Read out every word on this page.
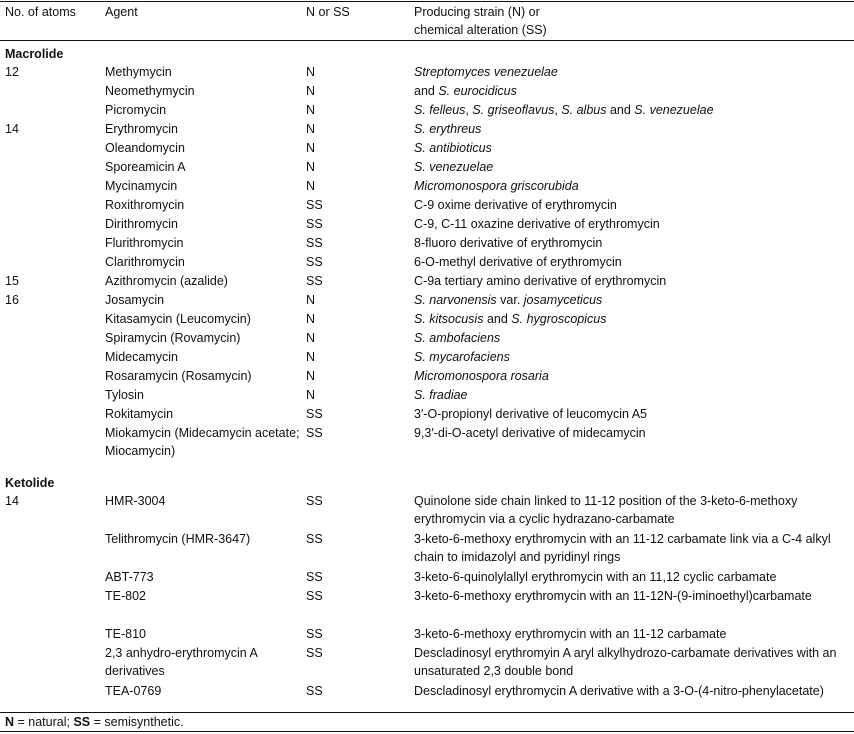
No. of atoms	Agent	N or SS	Producing strain (N) or
chemical alteration (SS)
Macrolide			
12	Methymycin	N	Streptomyces venezuelae
	Neomethymycin	N	and S. eurocidicus
	Picromycin	N	S. felleus, S. griseoflavus, S. albus and S. venezuelae
14	Erythromycin	N	S. erythreus
	Oleandomycin	N	S. antibioticus
	Sporeamicin A	N	S. venezuelae
	Mycinamycin	N	Micromonospora griscorubida
	Roxithromycin	SS	C-9 oxime derivative of erythromycin
	Dirithromycin	SS	C-9, C-11 oxazine derivative of erythromycin
	Flurithromycin	SS	8-fluoro derivative of erythromycin
	Clarithromycin	SS	6-O-methyl derivative of erythromycin
15	Azithromycin (azalide)	SS	C-9a tertiary amino derivative of erythromycin
16	Josamycin	N	S. narvonensis var. josamyceticus
	Kitasamycin (Leucomycin)	N	S. kitsocusis and S. hygroscopicus
	Spiramycin (Rovamycin)	N	S. ambofaciens
	Midecamycin	N	S. mycarofaciens
	Rosaramycin (Rosamycin)	N	Micromonospora rosaria
	Tylosin	N	S. fradiae
	Rokitamycin	SS	3′-O-propionyl derivative of leucomycin A5
	Miokamycin (Midecamycin acetate; Miocamycin)	SS	9,3′-di-O-acetyl derivative of midecamycin

Ketolide			
14	HMR-3004	SS	Quinolone side chain linked to 11-12 position of the 3-keto-6-methoxy erythromycin via a cyclic hydrazano-carbamate
	Telithromycin (HMR-3647)	SS	3-keto-6-methoxy erythromycin with an 11-12 carbamate link via a C-4 alkyl chain to imidazolyl and pyridinyl rings
	ABT-773	SS	3-keto-6-quinolylallyl erythromycin with an 11,12 cyclic carbamate
	TE-802	SS	3-keto-6-methoxy erythromycin with an 11-12N-(9-iminoethyl)carbamate
	TE-810	SS	3-keto-6-methoxy erythromycin with an 11-12 carbamate
	2,3 anhydro-erythromycin A derivatives	SS	Descladinosyl erythromyin A aryl alkylhydrozo-carbamate derivatives with an unsaturated 2,3 double bond
	TEA-0769	SS	Descladinosyl erythromycin A derivative with a 3-O-(4-nitro-phenylacetate)
N = natural; SS = semisynthetic.
